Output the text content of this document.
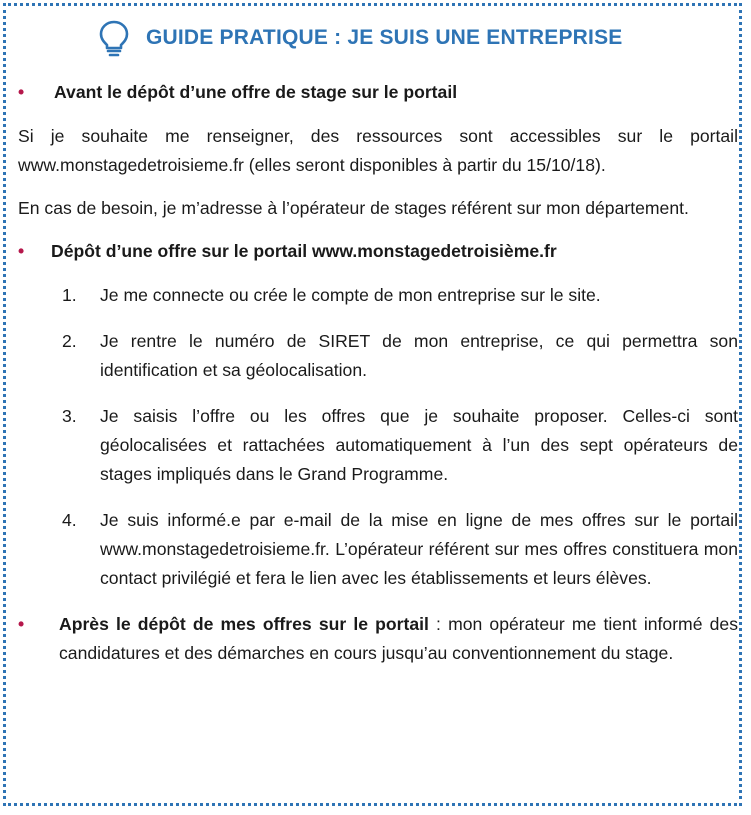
GUIDE PRATIQUE : JE SUIS UNE ENTREPRISE
• Avant le dépôt d’une offre de stage sur le portail
Si je souhaite me renseigner, des ressources sont accessibles sur le portail www.monstagedetroisieme.fr (elles seront disponibles à partir du 15/10/18).
En cas de besoin, je m’adresse à l’opérateur de stages référent sur mon département.
• Dépôt d’une offre sur le portail www.monstagedetroisième.fr
1. Je me connecte ou crée le compte de mon entreprise sur le site.
2. Je rentre le numéro de SIRET de mon entreprise, ce qui permettra son identification et sa géolocalisation.
3. Je saisis l’offre ou les offres que je souhaite proposer. Celles-ci sont géolocalisées et rattachées automatiquement à l’un des sept opérateurs de stages impliqués dans le Grand Programme.
4. Je suis informé.e par e-mail de la mise en ligne de mes offres sur le portail www.monstagedetroisieme.fr. L’opérateur référent sur mes offres constituera mon contact privilégié et fera le lien avec les établissements et leurs élèves.
• Après le dépôt de mes offres sur le portail : mon opérateur me tient informé des candidatures et des démarches en cours jusqu’au conventionnement du stage.
